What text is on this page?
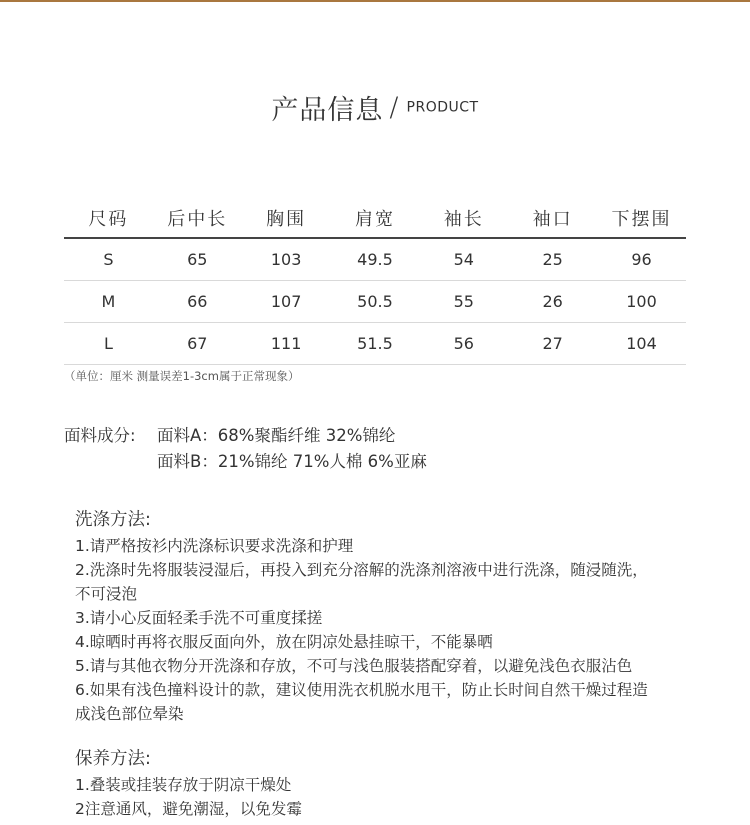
产品信息 / PRODUCT
尺码	后中长	胸围	肩宽	袖长	袖口	下摆围
S	65	103	49.5	54	25	96
M	66	107	50.5	55	26	100
L	67	111	51.5	56	27	104
（单位：厘米 测量误差1-3cm属于正常现象）
面料成分:	面料A：68%聚酯纤维 32%锦纶
面料B：21%锦纶 71%人棉 6%亚麻
洗涤方法:
1.请严格按衫内洗涤标识要求洗涤和护理
2.洗涤时先将服装浸湿后，再投入到充分溶解的洗涤剂溶液中进行洗涤，随浸随洗，
不可浸泡
3.请小心反面轻柔手洗不可重度揉搓
4.晾晒时再将衣服反面向外，放在阴凉处悬挂晾干，不能暴晒
5.请与其他衣物分开洗涤和存放，不可与浅色服装搭配穿着，以避免浅色衣服沾色
6.如果有浅色撞料设计的款，建议使用洗衣机脱水甩干，防止长时间自然干燥过程造
成浅色部位晕染
保养方法:
1.叠装或挂装存放于阴凉干燥处
2注意通风，避免潮湿，以免发霉
